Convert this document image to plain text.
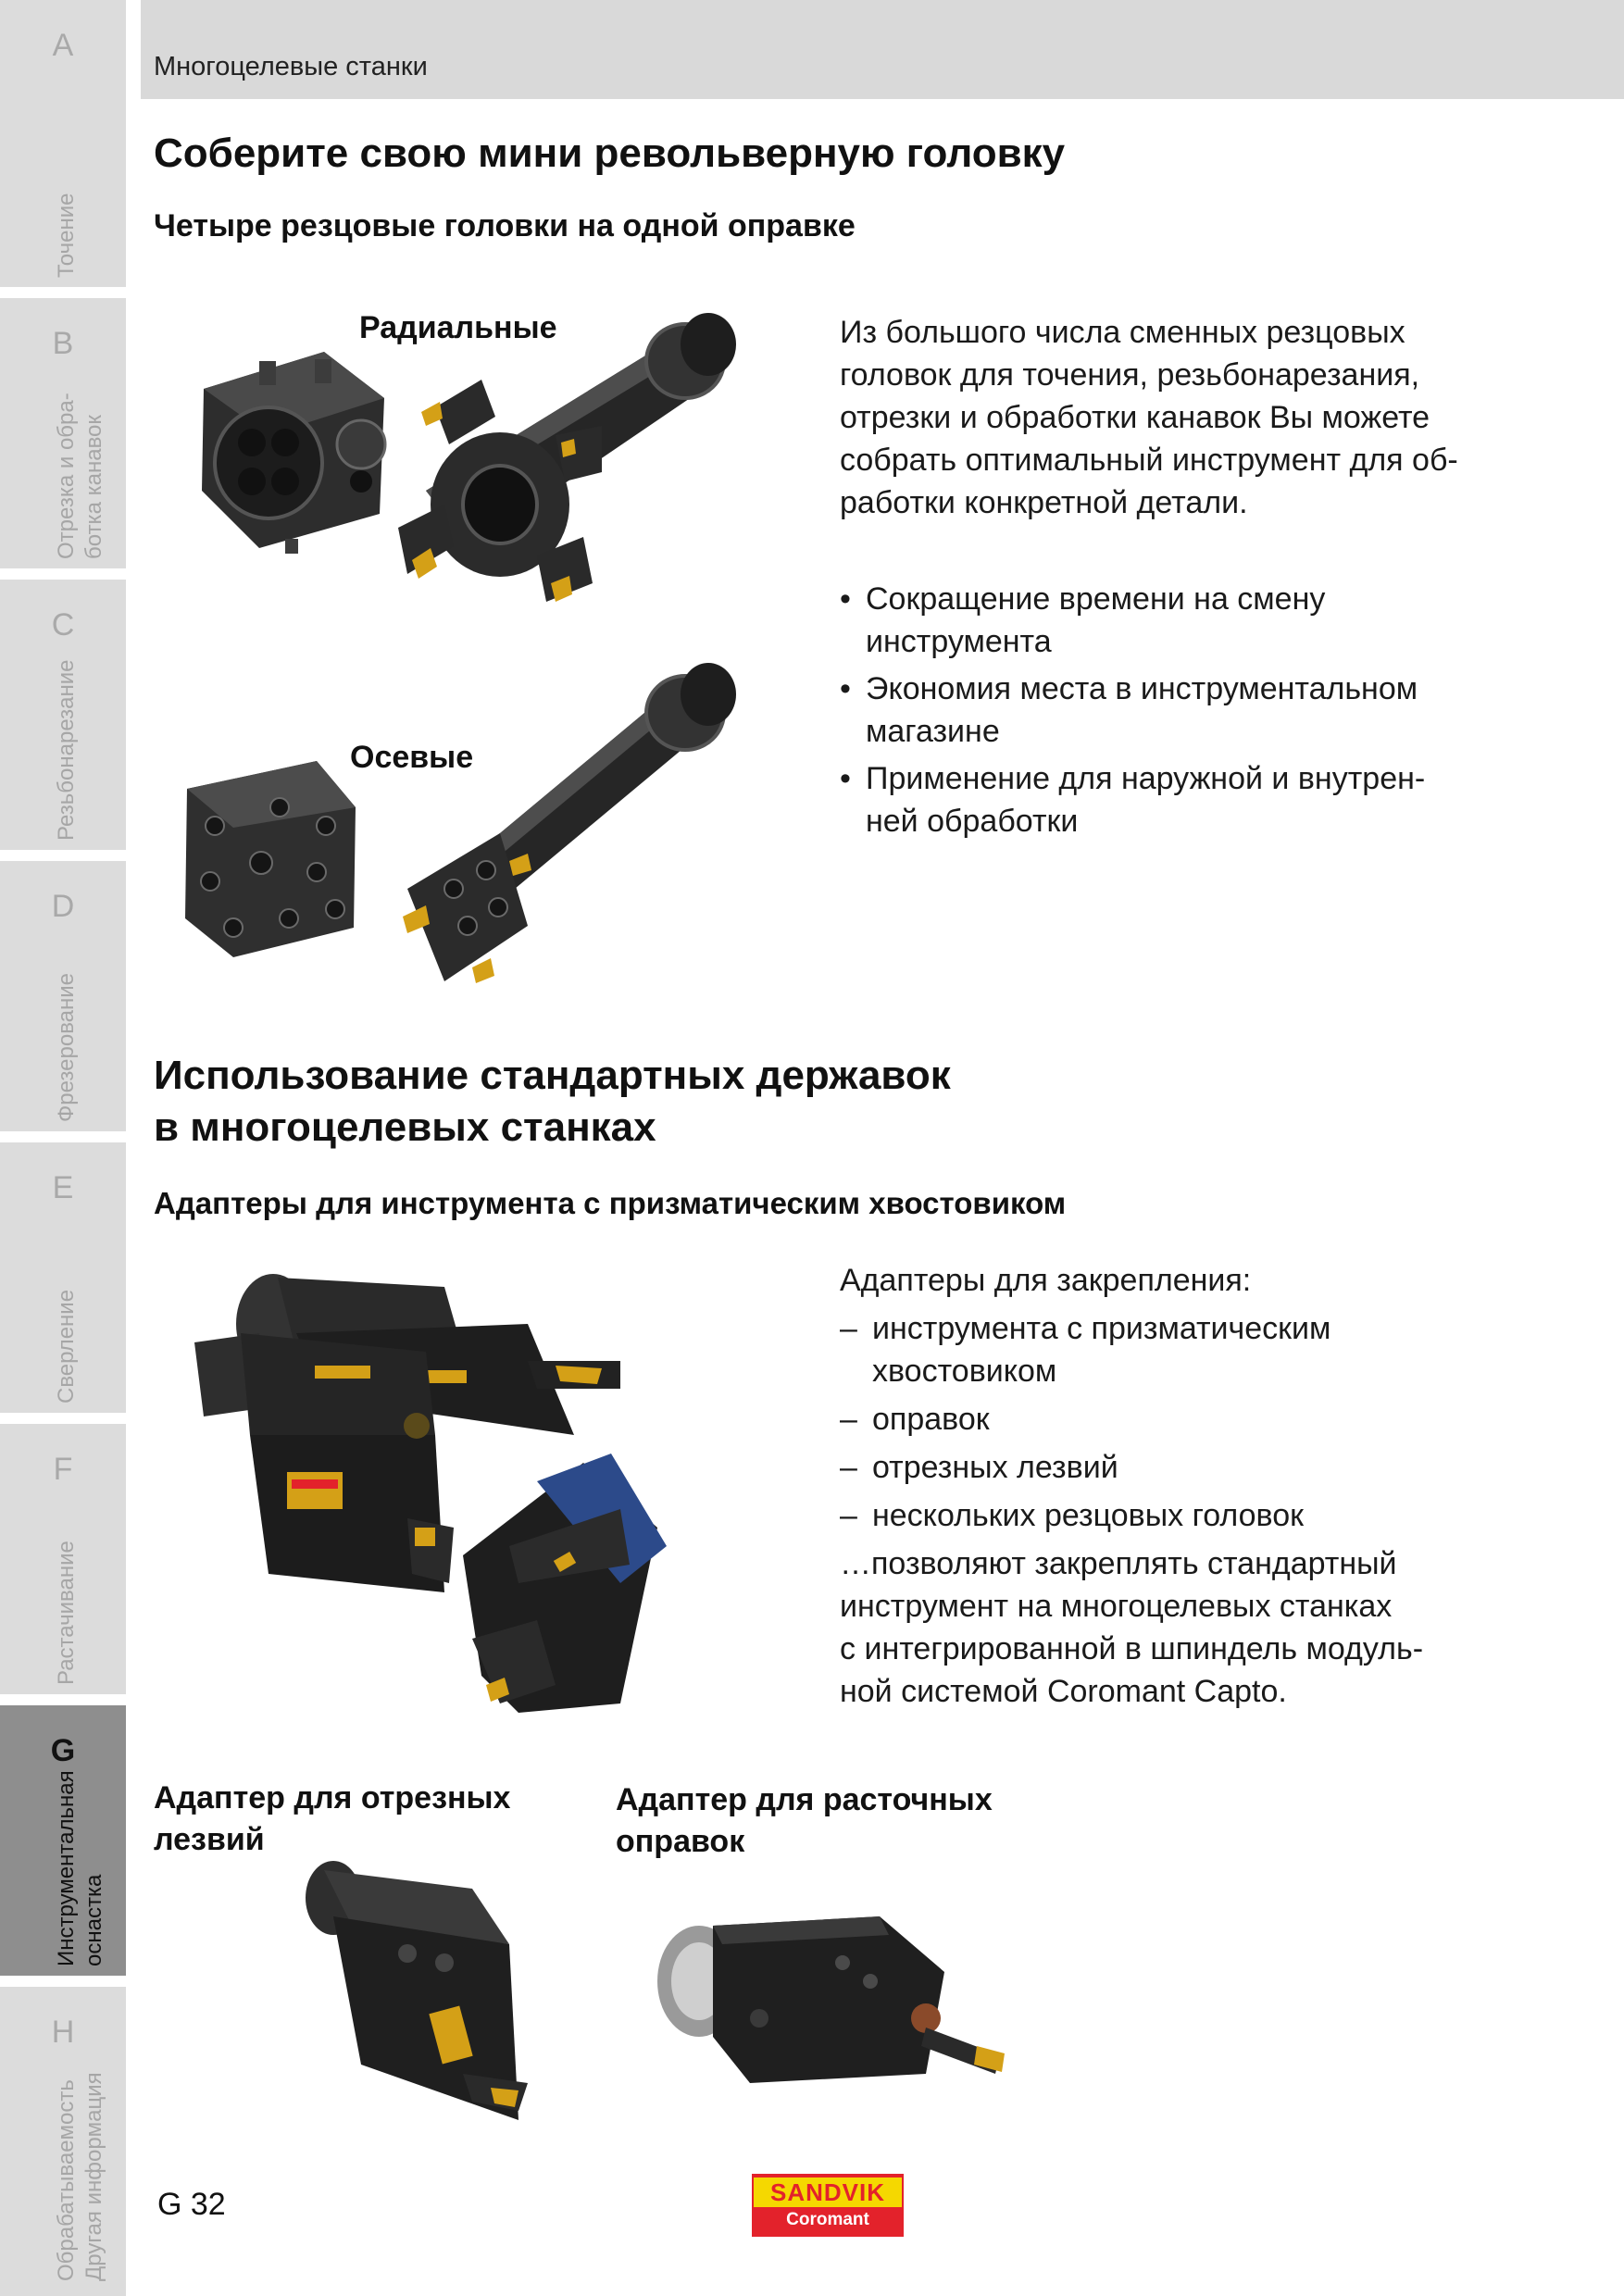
A
Точение
B
Отрезка и обра- ботка канавок
C
Резьбонарезание
D
Фрезерование
E
Сверление
F
Растачивание
G
Инструментальная оснастка
H
Обрабатываемость Другая информация
Многоцелевые станки
Соберите свою мини револьверную головку
Четыре резцовые головки на одной оправке
Радиальные
Осевые
Из большого числа сменных резцовых
головок для точения, резьбонарезания,
отрезки и обработки канавок Вы можете
собрать оптимальный инструмент для об-
работки конкретной детали.
• Сокращение времени на смену
инструмента
• Экономия места в инструментальном
магазине
• Применение для наружной и внутрен-
ней обработки
Использование стандартных державок
в многоцелевых станках
Адаптеры для инструмента с призматическим хвостовиком
Адаптеры для закрепления:
– инструмента с призматическим
хвостовиком
– оправок
– отрезных лезвий
– нескольких резцовых головок
…позволяют закреплять стандартный
инструмент на многоцелевых станках
с интегрированной в шпиндель модуль-
ной системой Coromant Capto.
Адаптер для отрезных
лезвий
Адаптер для расточных
оправок
G 32	SANDVIK
Coromant
